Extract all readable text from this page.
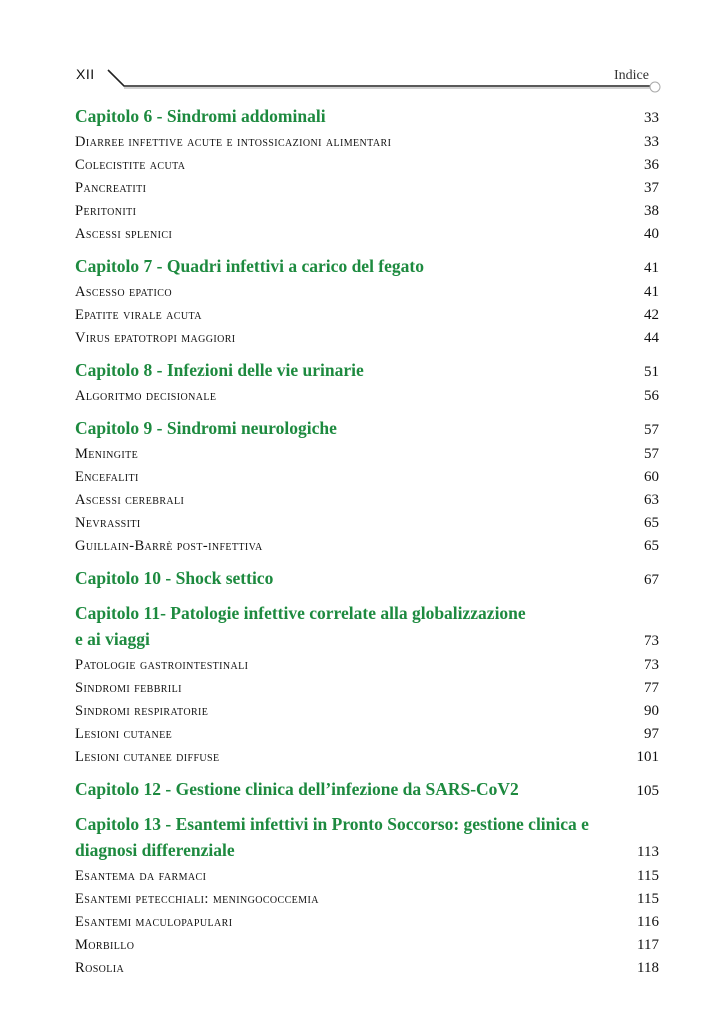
XII	Indice
Capitolo 6 - Sindromi addominali	33
Diarree infettive acute e intossicazioni alimentari	33
Colecistite acuta	36
Pancreatiti	37
Peritoniti	38
Ascessi splenici	40
Capitolo 7 - Quadri infettivi a carico del fegato	41
Ascesso epatico	41
Epatite virale acuta	42
Virus epatotropi maggiori	44
Capitolo 8 - Infezioni delle vie urinarie	51
Algoritmo decisionale	56
Capitolo 9 - Sindromi neurologiche	57
Meningite	57
Encefaliti	60
Ascessi cerebrali	63
Nevrassiti	65
Guillain-Barrè post-infettiva	65
Capitolo 10 - Shock settico	67
Capitolo 11- Patologie infettive correlate alla globalizzazione
e ai viaggi	73
Patologie gastrointestinali	73
Sindromi febbrili	77
Sindromi respiratorie	90
Lesioni cutanee	97
Lesioni cutanee diffuse	101
Capitolo 12 - Gestione clinica dell’infezione da SARS-CoV2	105
Capitolo 13 - Esantemi infettivi in Pronto Soccorso: gestione clinica e
diagnosi differenziale	113
Esantema da farmaci	115
Esantemi petecchiali: meningococcemia	115
Esantemi maculopapulari	116
Morbillo	117
Rosolia	118
